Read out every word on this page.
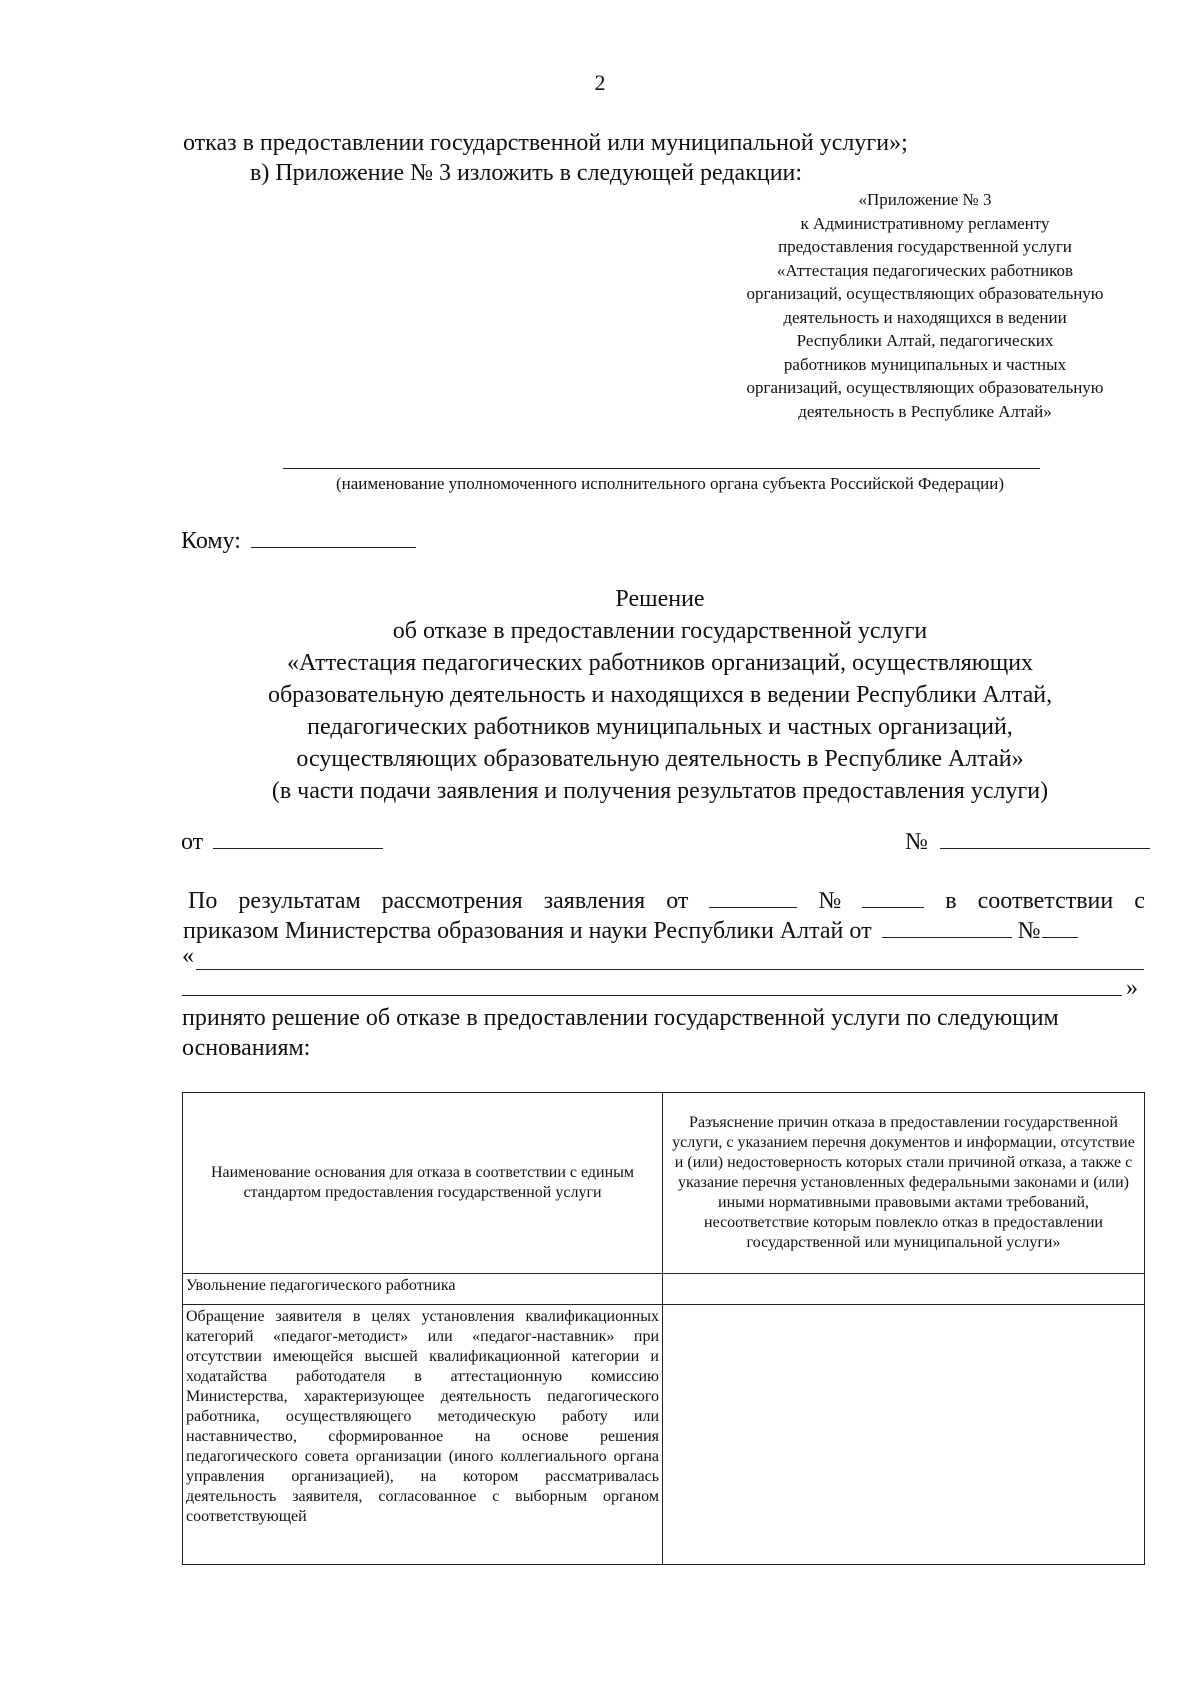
2
отказ в предоставлении государственной или муниципальной услуги»;
в) Приложение № 3 изложить в следующей редакции:
«Приложение № 3
к Административному регламенту
предоставления государственной услуги
«Аттестация педагогических работников
организаций, осуществляющих образовательную
деятельность и находящихся в ведении
Республики Алтай, педагогических
работников муниципальных и частных
организаций, осуществляющих образовательную
деятельность в Республике Алтай»
(наименование уполномоченного исполнительного органа субъекта Российской Федерации)
Кому:
Решение
об отказе в предоставлении государственной услуги
«Аттестация педагогических работников организаций, осуществляющих
образовательную деятельность и находящихся в ведении Республики Алтай,
педагогических работников муниципальных и частных организаций,
осуществляющих образовательную деятельность в Республике Алтай»
(в части подачи заявления и получения результатов предоставления услуги)
от	№
По результатам рассмотрения заявления от	№	в соответствии с
приказом Министерства образования и науки Республики Алтай от	№
«
»
принято решение об отказе в предоставлении государственной услуги по следующим
основаниям:
Наименование основания для отказа в соответствии с единым стандартом предоставления государственной услуги	Разъяснение причин отказа в предоставлении государственной услуги, с указанием перечня документов и информации, отсутствие и (или) недостоверность которых стали причиной отказа, а также с указание перечня установленных федеральными законами и (или) иными нормативными правовыми актами требований, несоответствие которым повлекло отказ в предоставлении государственной или муниципальной услуги»
Увольнение педагогического работника	
Обращение заявителя в целях установления квалификационных категорий «педагог-методист» или «педагог-наставник» при отсутствии имеющейся высшей квалификационной категории и ходатайства работодателя в аттестационную комиссию Министерства, характеризующее деятельность педагогического работника, осуществляющего методическую работу или наставничество, сформированное на основе решения педагогического совета организации (иного коллегиального органа управления организацией), на котором рассматривалась деятельность заявителя, согласованное с выборным органом соответствующей	
